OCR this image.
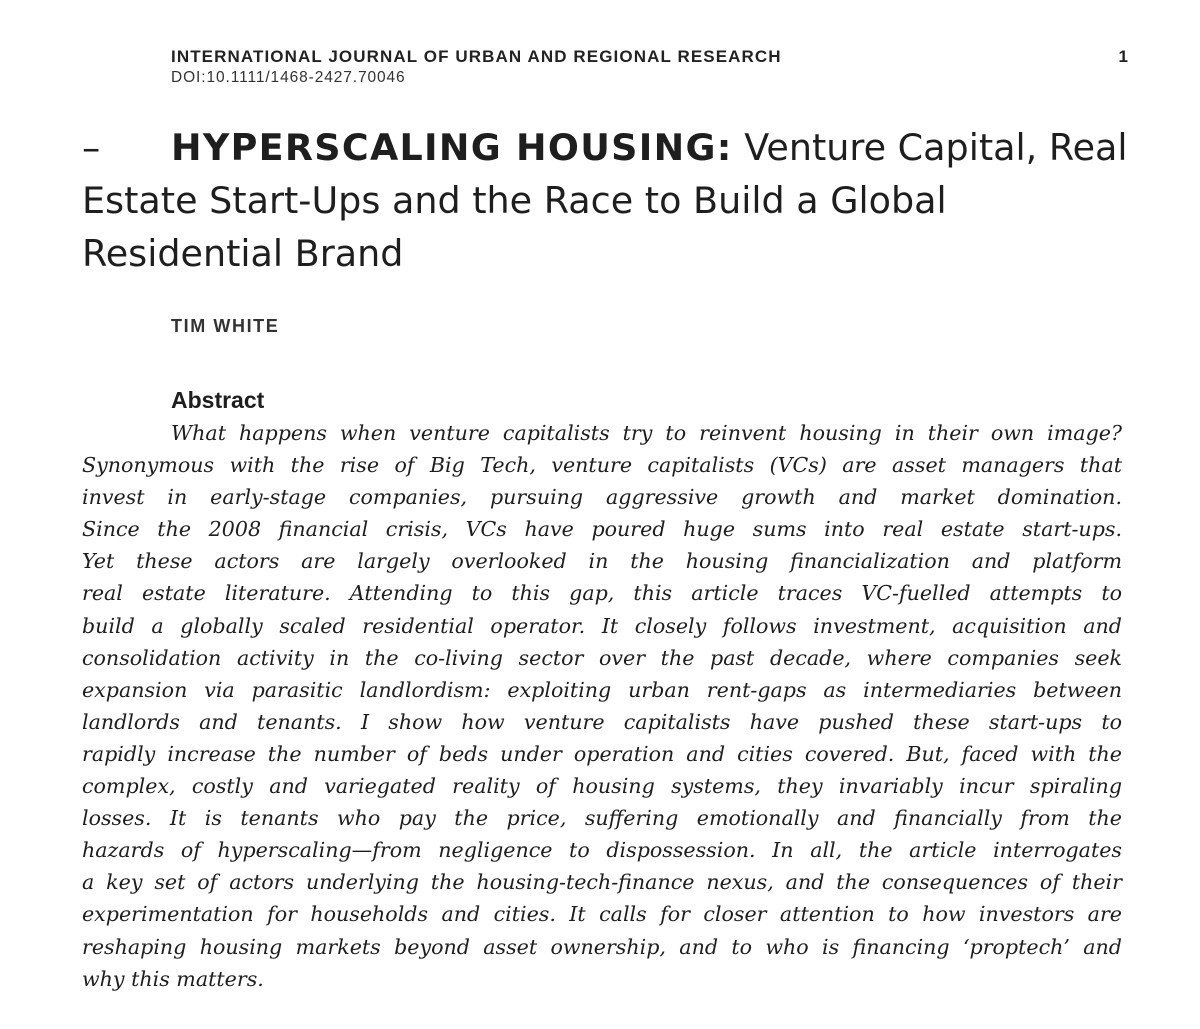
INTERNATIONAL JOURNAL OF URBAN AND REGIONAL RESEARCH
DOI:10.1111/1468-2427.70046
1
– HYPERSCALING HOUSING: Venture Capital, Real Estate Start-Ups and the Race to Build a Global Residential Brand
TIM WHITE
Abstract
What happens when venture capitalists try to reinvent housing in their own image?
Synonymous with the rise of Big Tech, venture capitalists (VCs) are asset managers that
invest in early-stage companies, pursuing aggressive growth and market domination.
Since the 2008 financial crisis, VCs have poured huge sums into real estate start-ups.
Yet these actors are largely overlooked in the housing financialization and platform
real estate literature. Attending to this gap, this article traces VC-fuelled attempts to
build a globally scaled residential operator. It closely follows investment, acquisition and
consolidation activity in the co-living sector over the past decade, where companies seek
expansion via parasitic landlordism: exploiting urban rent-gaps as intermediaries between
landlords and tenants. I show how venture capitalists have pushed these start-ups to
rapidly increase the number of beds under operation and cities covered. But, faced with the
complex, costly and variegated reality of housing systems, they invariably incur spiraling
losses. It is tenants who pay the price, suffering emotionally and financially from the
hazards of hyperscaling—from negligence to dispossession. In all, the article interrogates
a key set of actors underlying the housing-tech-finance nexus, and the consequences of their
experimentation for households and cities. It calls for closer attention to how investors are
reshaping housing markets beyond asset ownership, and to who is financing ‘proptech’ and
why this matters.
